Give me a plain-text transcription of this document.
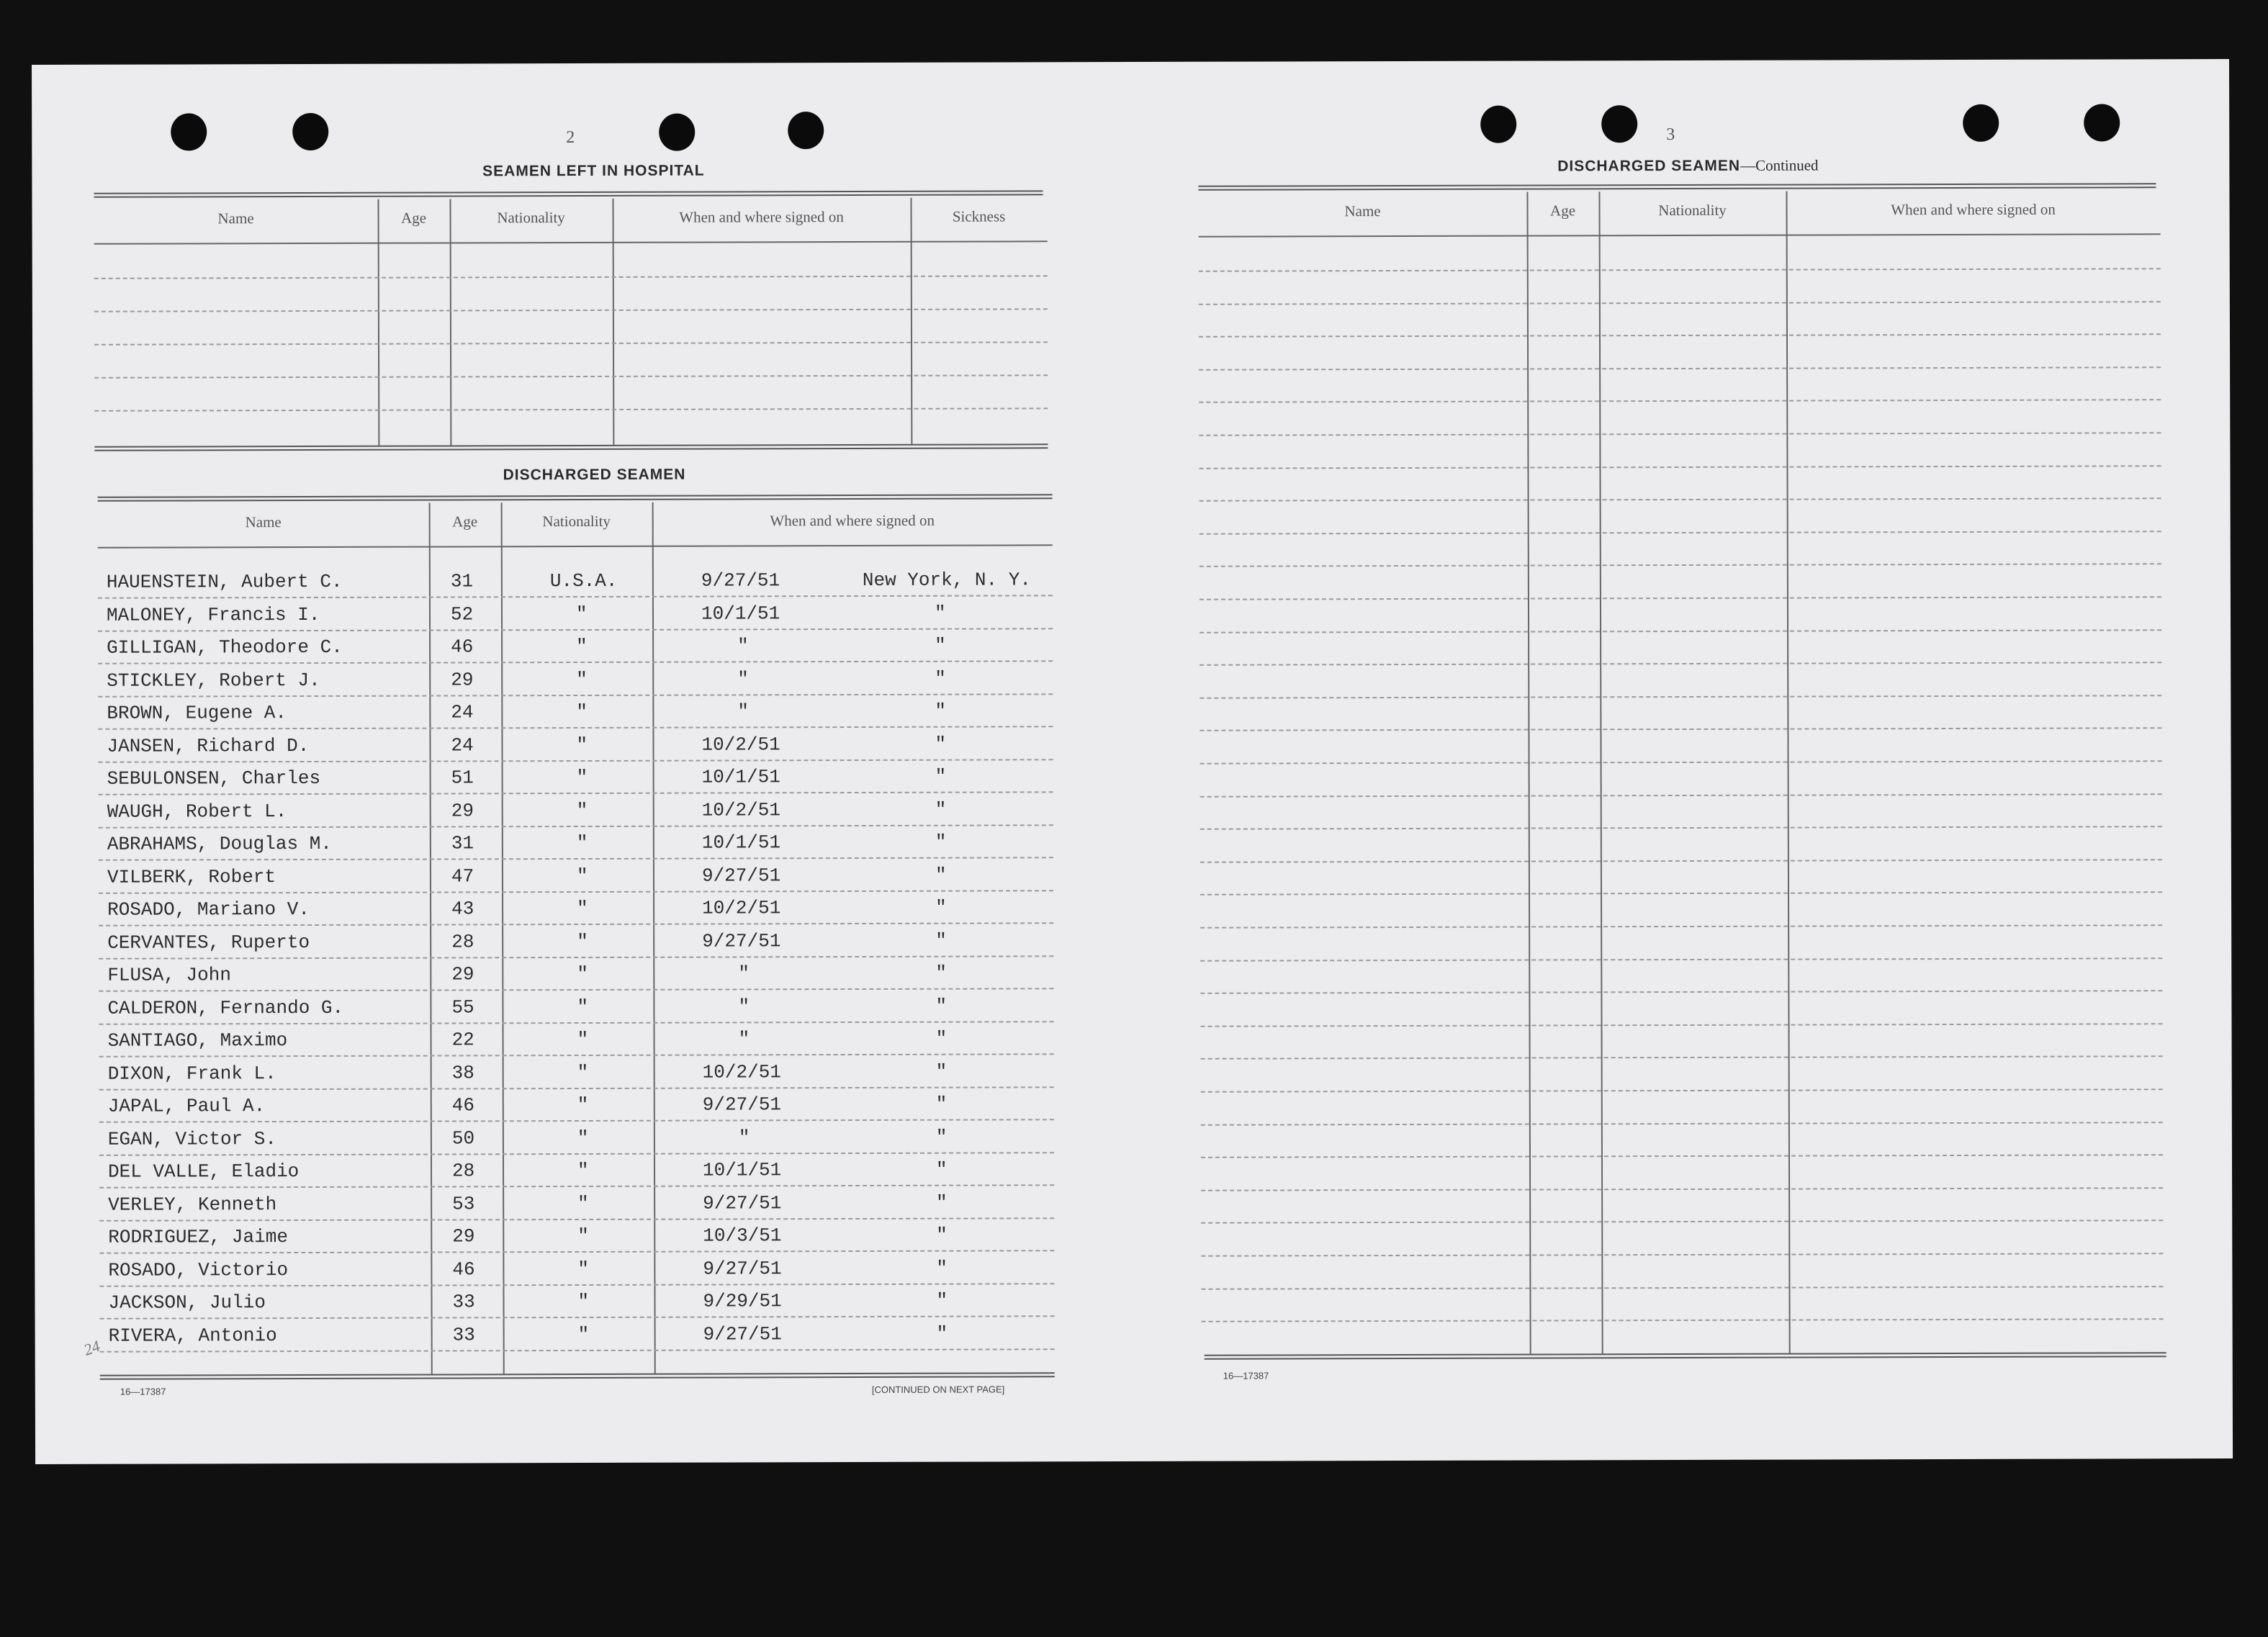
2
SEAMEN LEFT IN HOSPITAL
Name	Age	Nationality	When and where signed on	Sickness
DISCHARGED SEAMEN
Name	Age	Nationality	When and where signed on
HAUENSTEIN, Aubert C.	31	U.S.A.	9/27/51	New York, N. Y.
MALONEY, Francis I.	52	"	10/1/51	"
GILLIGAN, Theodore C.	46	"	"	"
STICKLEY, Robert J.	29	"	"	"
BROWN, Eugene A.	24	"	"	"
JANSEN, Richard D.	24	"	10/2/51	"
SEBULONSEN, Charles	51	"	10/1/51	"
WAUGH, Robert L.	29	"	10/2/51	"
ABRAHAMS, Douglas M.	31	"	10/1/51	"
VILBERK, Robert	47	"	9/27/51	"
ROSADO, Mariano V.	43	"	10/2/51	"
CERVANTES, Ruperto	28	"	9/27/51	"
FLUSA, John	29	"	"	"
CALDERON, Fernando G.	55	"	"	"
SANTIAGO, Maximo	22	"	"	"
DIXON, Frank L.	38	"	10/2/51	"
JAPAL, Paul A.	46	"	9/27/51	"
EGAN, Victor S.	50	"	"	"
DEL VALLE, Eladio	28	"	10/1/51	"
VERLEY, Kenneth	53	"	9/27/51	"
RODRIGUEZ, Jaime	29	"	10/3/51	"
ROSADO, Victorio	46	"	9/27/51	"
JACKSON, Julio	33	"	9/29/51	"
RIVERA, Antonio	33	"	9/27/51	"
24
16—17387	[CONTINUED ON NEXT PAGE]
3
DISCHARGED SEAMEN—Continued
Name	Age	Nationality	When and where signed on
16—17387
